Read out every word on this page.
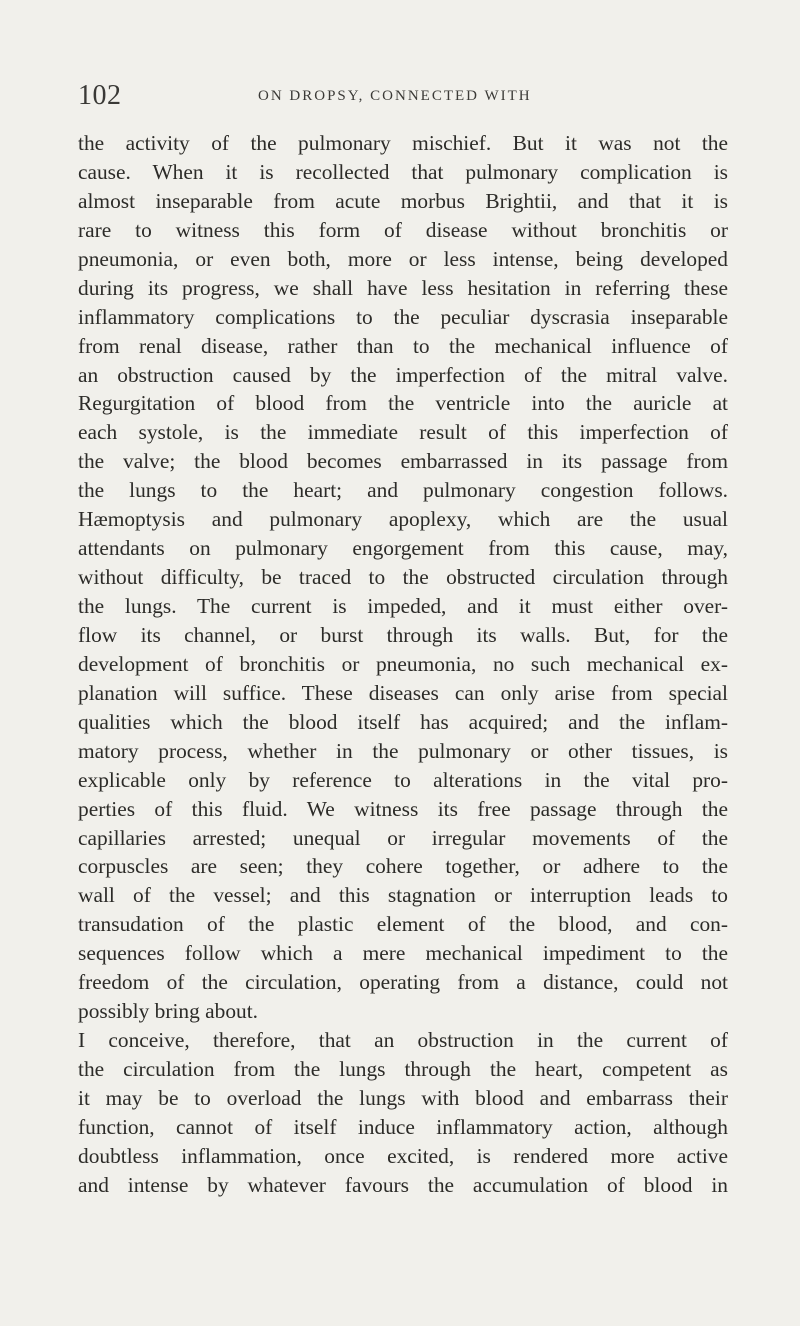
102	ON DROPSY, CONNECTED WITH
the activity of the pulmonary mischief. But it was not the
cause. When it is recollected that pulmonary complication is
almost inseparable from acute morbus Brightii, and that it is
rare to witness this form of disease without bronchitis or
pneumonia, or even both, more or less intense, being developed
during its progress, we shall have less hesitation in referring these
inflammatory complications to the peculiar dyscrasia inseparable
from renal disease, rather than to the mechanical influence of
an obstruction caused by the imperfection of the mitral valve.
Regurgitation of blood from the ventricle into the auricle at
each systole, is the immediate result of this imperfection of
the valve; the blood becomes embarrassed in its passage from
the lungs to the heart; and pulmonary congestion follows.
Hæmoptysis and pulmonary apoplexy, which are the usual
attendants on pulmonary engorgement from this cause, may,
without difficulty, be traced to the obstructed circulation through
the lungs. The current is impeded, and it must either over-
flow its channel, or burst through its walls. But, for the
development of bronchitis or pneumonia, no such mechanical ex-
planation will suffice. These diseases can only arise from special
qualities which the blood itself has acquired; and the inflam-
matory process, whether in the pulmonary or other tissues, is
explicable only by reference to alterations in the vital pro-
perties of this fluid. We witness its free passage through the
capillaries arrested; unequal or irregular movements of the
corpuscles are seen; they cohere together, or adhere to the
wall of the vessel; and this stagnation or interruption leads to
transudation of the plastic element of the blood, and con-
sequences follow which a mere mechanical impediment to the
freedom of the circulation, operating from a distance, could not
possibly bring about.
I conceive, therefore, that an obstruction in the current of
the circulation from the lungs through the heart, competent as
it may be to overload the lungs with blood and embarrass their
function, cannot of itself induce inflammatory action, although
doubtless inflammation, once excited, is rendered more active
and intense by whatever favours the accumulation of blood in
